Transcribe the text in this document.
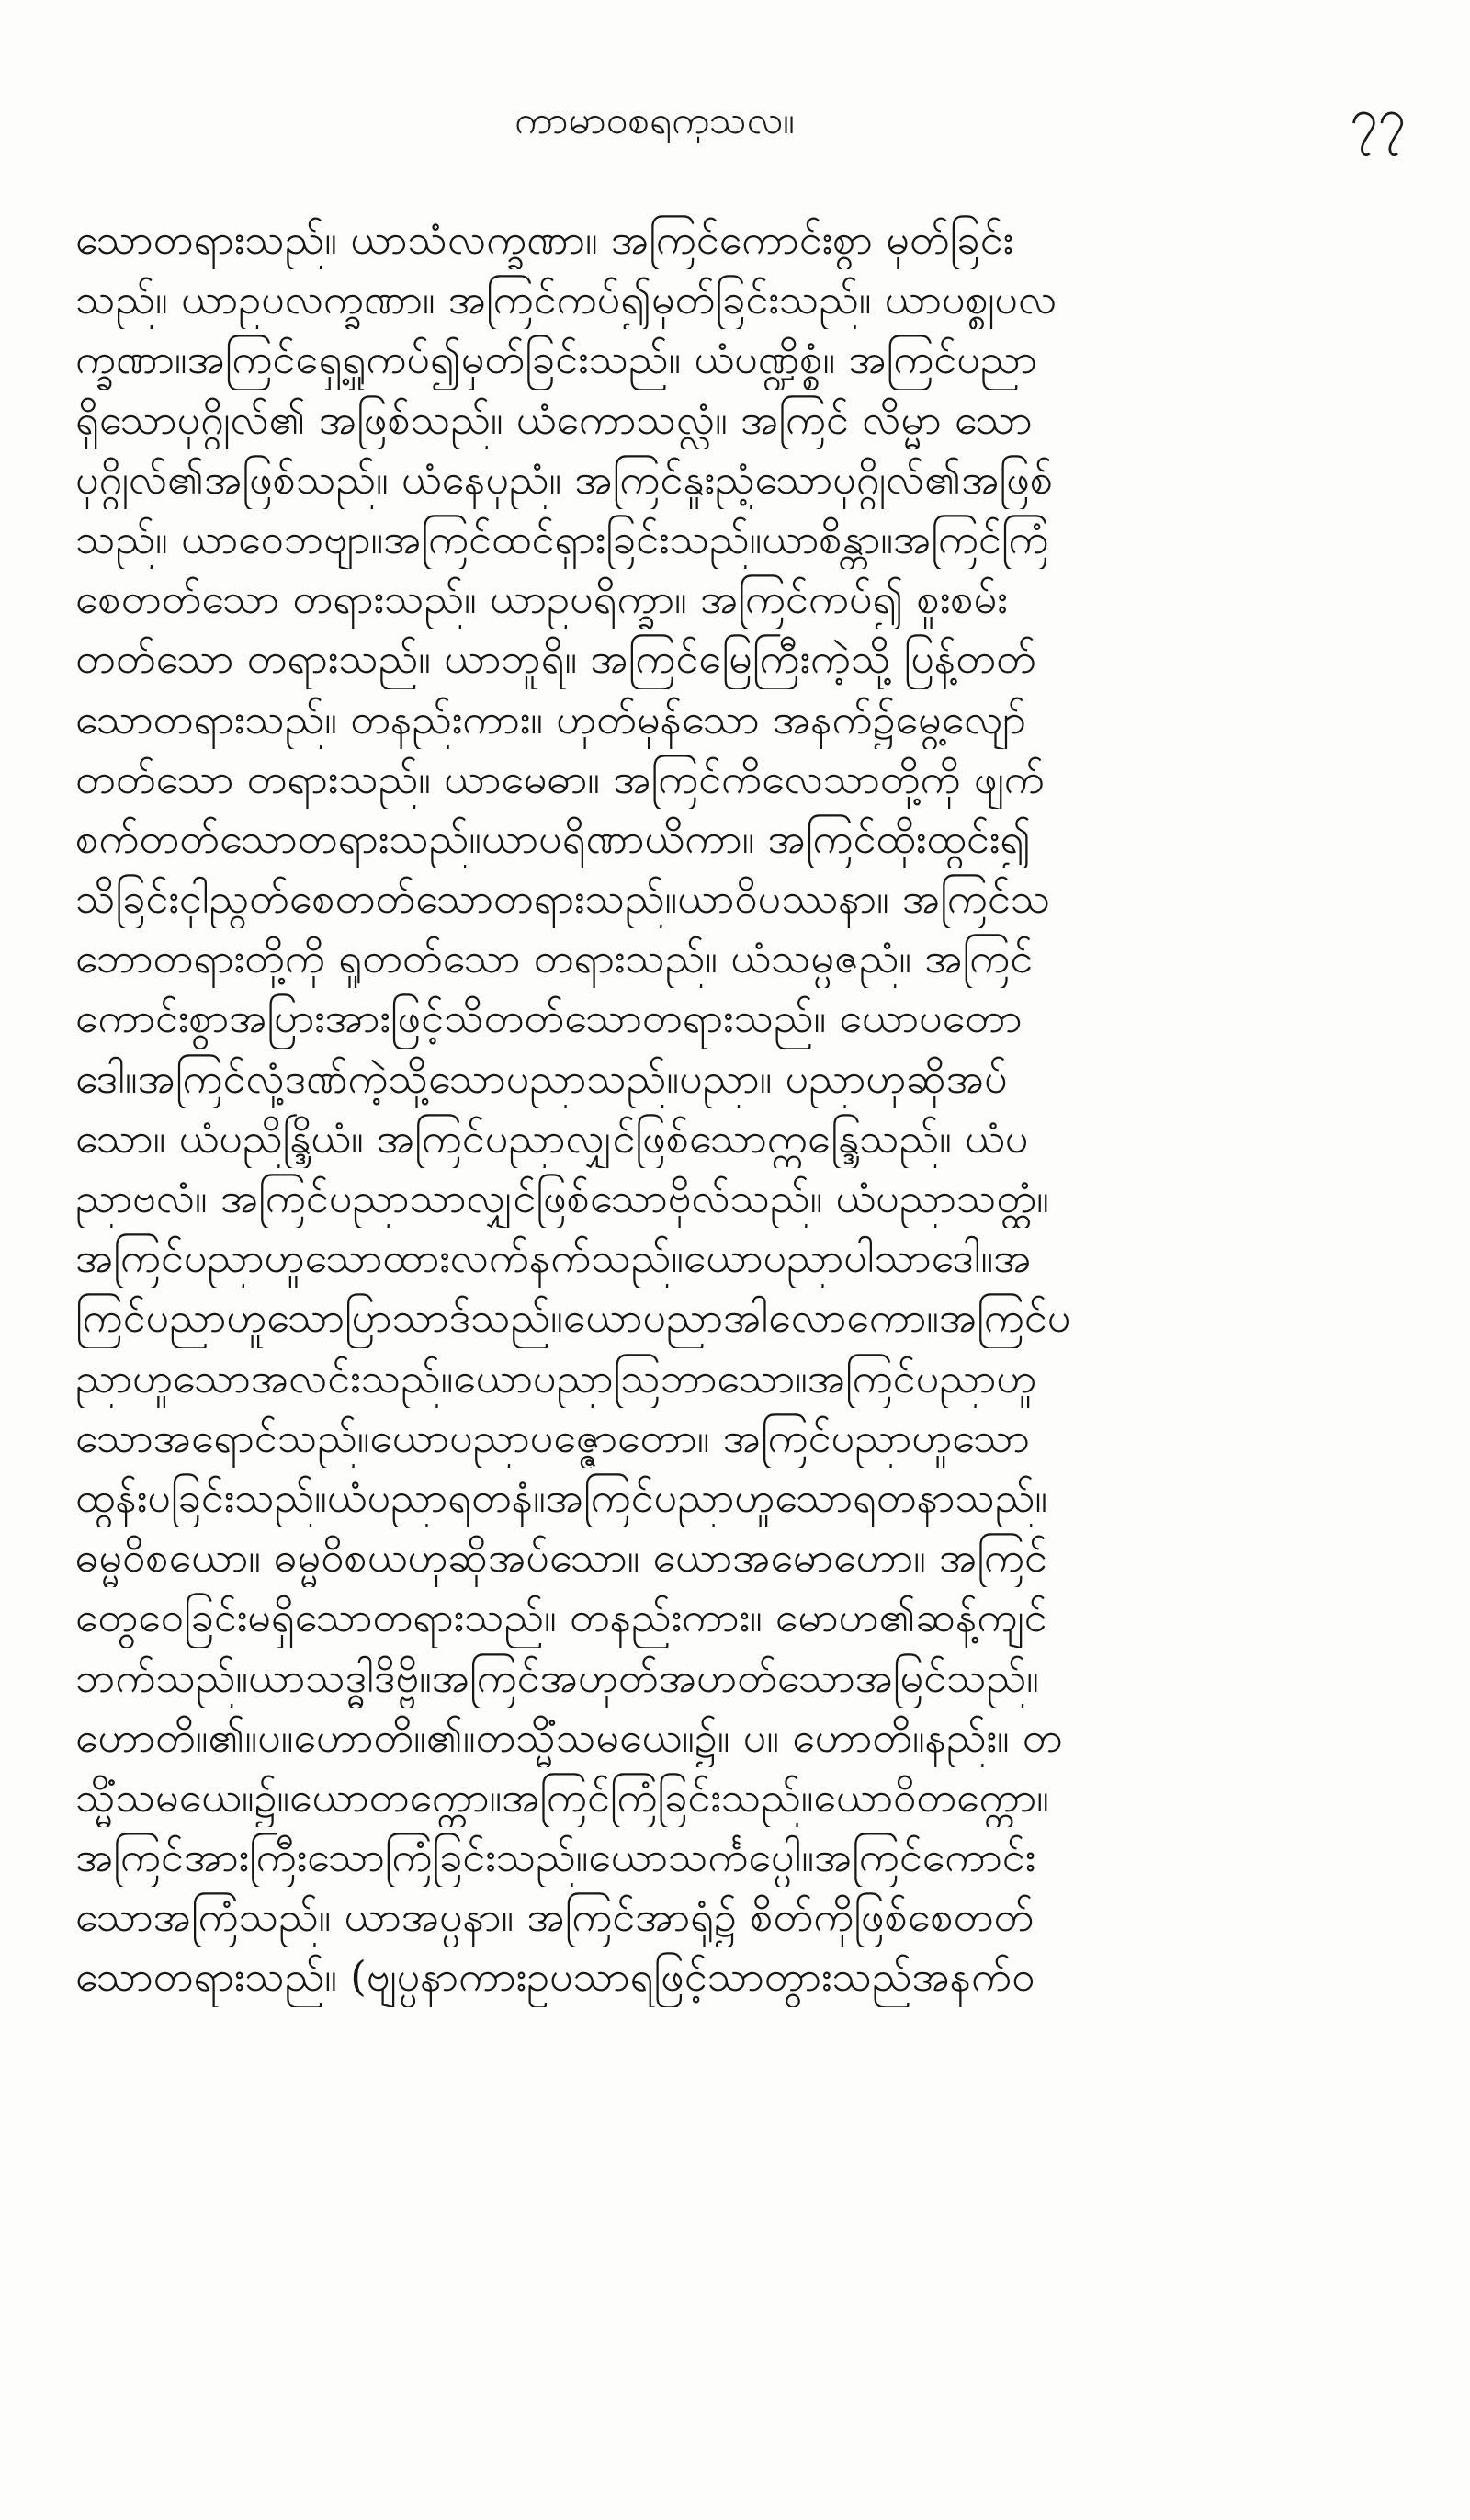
ကာမာဝစရကုသလ။	၇၇
သောတရားသည်။ ယာသံလက္ခဏာ။ အကြင်ကောင်းစွာ မှတ်ခြင်း
သည်။ ယာဥပလက္ခဏာ။ အကြင်ကပ်၍မှတ်ခြင်းသည်။ ယာပစ္စုပလ
က္ခဏာ။အကြင်ရှေ့ရှုကပ်၍မှတ်ခြင်းသည်။ ယံပဏ္ဍိစ္စံ။ အကြင်ပညာ
ရှိသောပုဂ္ဂိုလ်၏ အဖြစ်သည်။ ယံကောသလ္လံ။ အကြင် လိမ္မာ သော
ပုဂ္ဂိုလ်၏အဖြစ်သည်။ ယံနေပုညံ။ အကြင်နူးညံ့သောပုဂ္ဂိုလ်၏အဖြစ်
သည်။ ယာဝေဘဗျာ။အကြင်ထင်ရှားခြင်းသည်။ယာစိန္တာ။အကြင်ကြံ
စေတတ်သော တရားသည်။ ယာဥပရိက္ခာ။ အကြင်ကပ်၍ စူးစမ်း
တတ်သော တရားသည်။ ယာဘူရိ။ အကြင်မြေကြီးကဲ့သို့ ပြန့်တတ်
သောတရားသည်။ တနည်းကား။ ဟုတ်မှန်သော အနက်၌မွေ့လျော်
တတ်သော တရားသည်။ ယာမေဓာ။ အကြင်ကိလေသာတို့ကို ဖျက်
စက်တတ်သောတရားသည်။ယာပရိဏာယိကာ။ အကြင်ထိုးထွင်း၍
သိခြင်းငှါညွတ်စေတတ်သောတရားသည်။ယာဝိပဿနာ။ အကြင်သ
ဘောတရားတို့ကို ရှုတတ်သော တရားသည်။ ယံသမ္ပဇညံ။ အကြင်
ကောင်းစွာအပြားအားဖြင့်သိတတ်သောတရားသည်။ ယောပတော
ဒေါ။အကြင်လှံ့ဒဏ်ကဲ့သို့သောပညာသည်။ပညာ။ ပညာဟုဆိုအပ်
သော။ ယံပညိန္ဒြိယံ။ အကြင်ပညာလျှင်ဖြစ်သောဣန္ဒြေသည်။ ယံပ
ညာဗလံ။ အကြင်ပညာသာလျှင်ဖြစ်သောဗိုလ်သည်။ ယံပညာသတ္ထံ။
အကြင်ပညာဟူသောထားလက်နက်သည်။ယောပညာပါသာဒေါ။အ
ကြင်ပညာဟူသောပြာသာဒ်သည်။ယောပညာအါလောကော။အကြင်ပ
ညာဟူသောအလင်းသည်။ယောပညာဩဘာသော။အကြင်ပညာဟူ
သောအရောင်သည်။ယောပညာပဇ္ဇောတော။ အကြင်ပညာဟူသော
ထွန်းပခြင်းသည်။ယံပညာရတနံ။အကြင်ပညာဟူသောရတနာသည်။
ဓမ္မဝိစယော။ ဓမ္မဝိစယဟုဆိုအပ်သော။ ယောအမောဟော။ အကြင်
တွေဝေခြင်းမရှိသောတရားသည်။ တနည်းကား။ မောဟ၏ဆန့်ကျင်
ဘက်သည်။ယာသဒ္ဓါဒိဗ္ဗိ။အကြင်အဟုတ်အဟတ်သောအမြင်သည်။
ဟောတိ။၏။ပ။ဟောတိ။၏။တသ္မိံသမယေ။၌။ ပ။ ဟောတိ။နည်း။ တ
သ္မိံသမယေ။၌။ယောတက္ကော။အကြင်ကြံခြင်းသည်။ယောဝိတက္ကော။
အကြင်အားကြီးသောကြံခြင်းသည်။ယောသင်္ကပ္ပေါ။အကြင်ကောင်း
သောအကြံသည်။ ယာအပ္ပနာ။ အကြင်အာရုံ၌ စိတ်ကိုဖြစ်စေတတ်
သောတရားသည်။ (ဗျပ္ပနာကားဥပသာရဖြင့်သာတွားသည်အနက်ဝ
